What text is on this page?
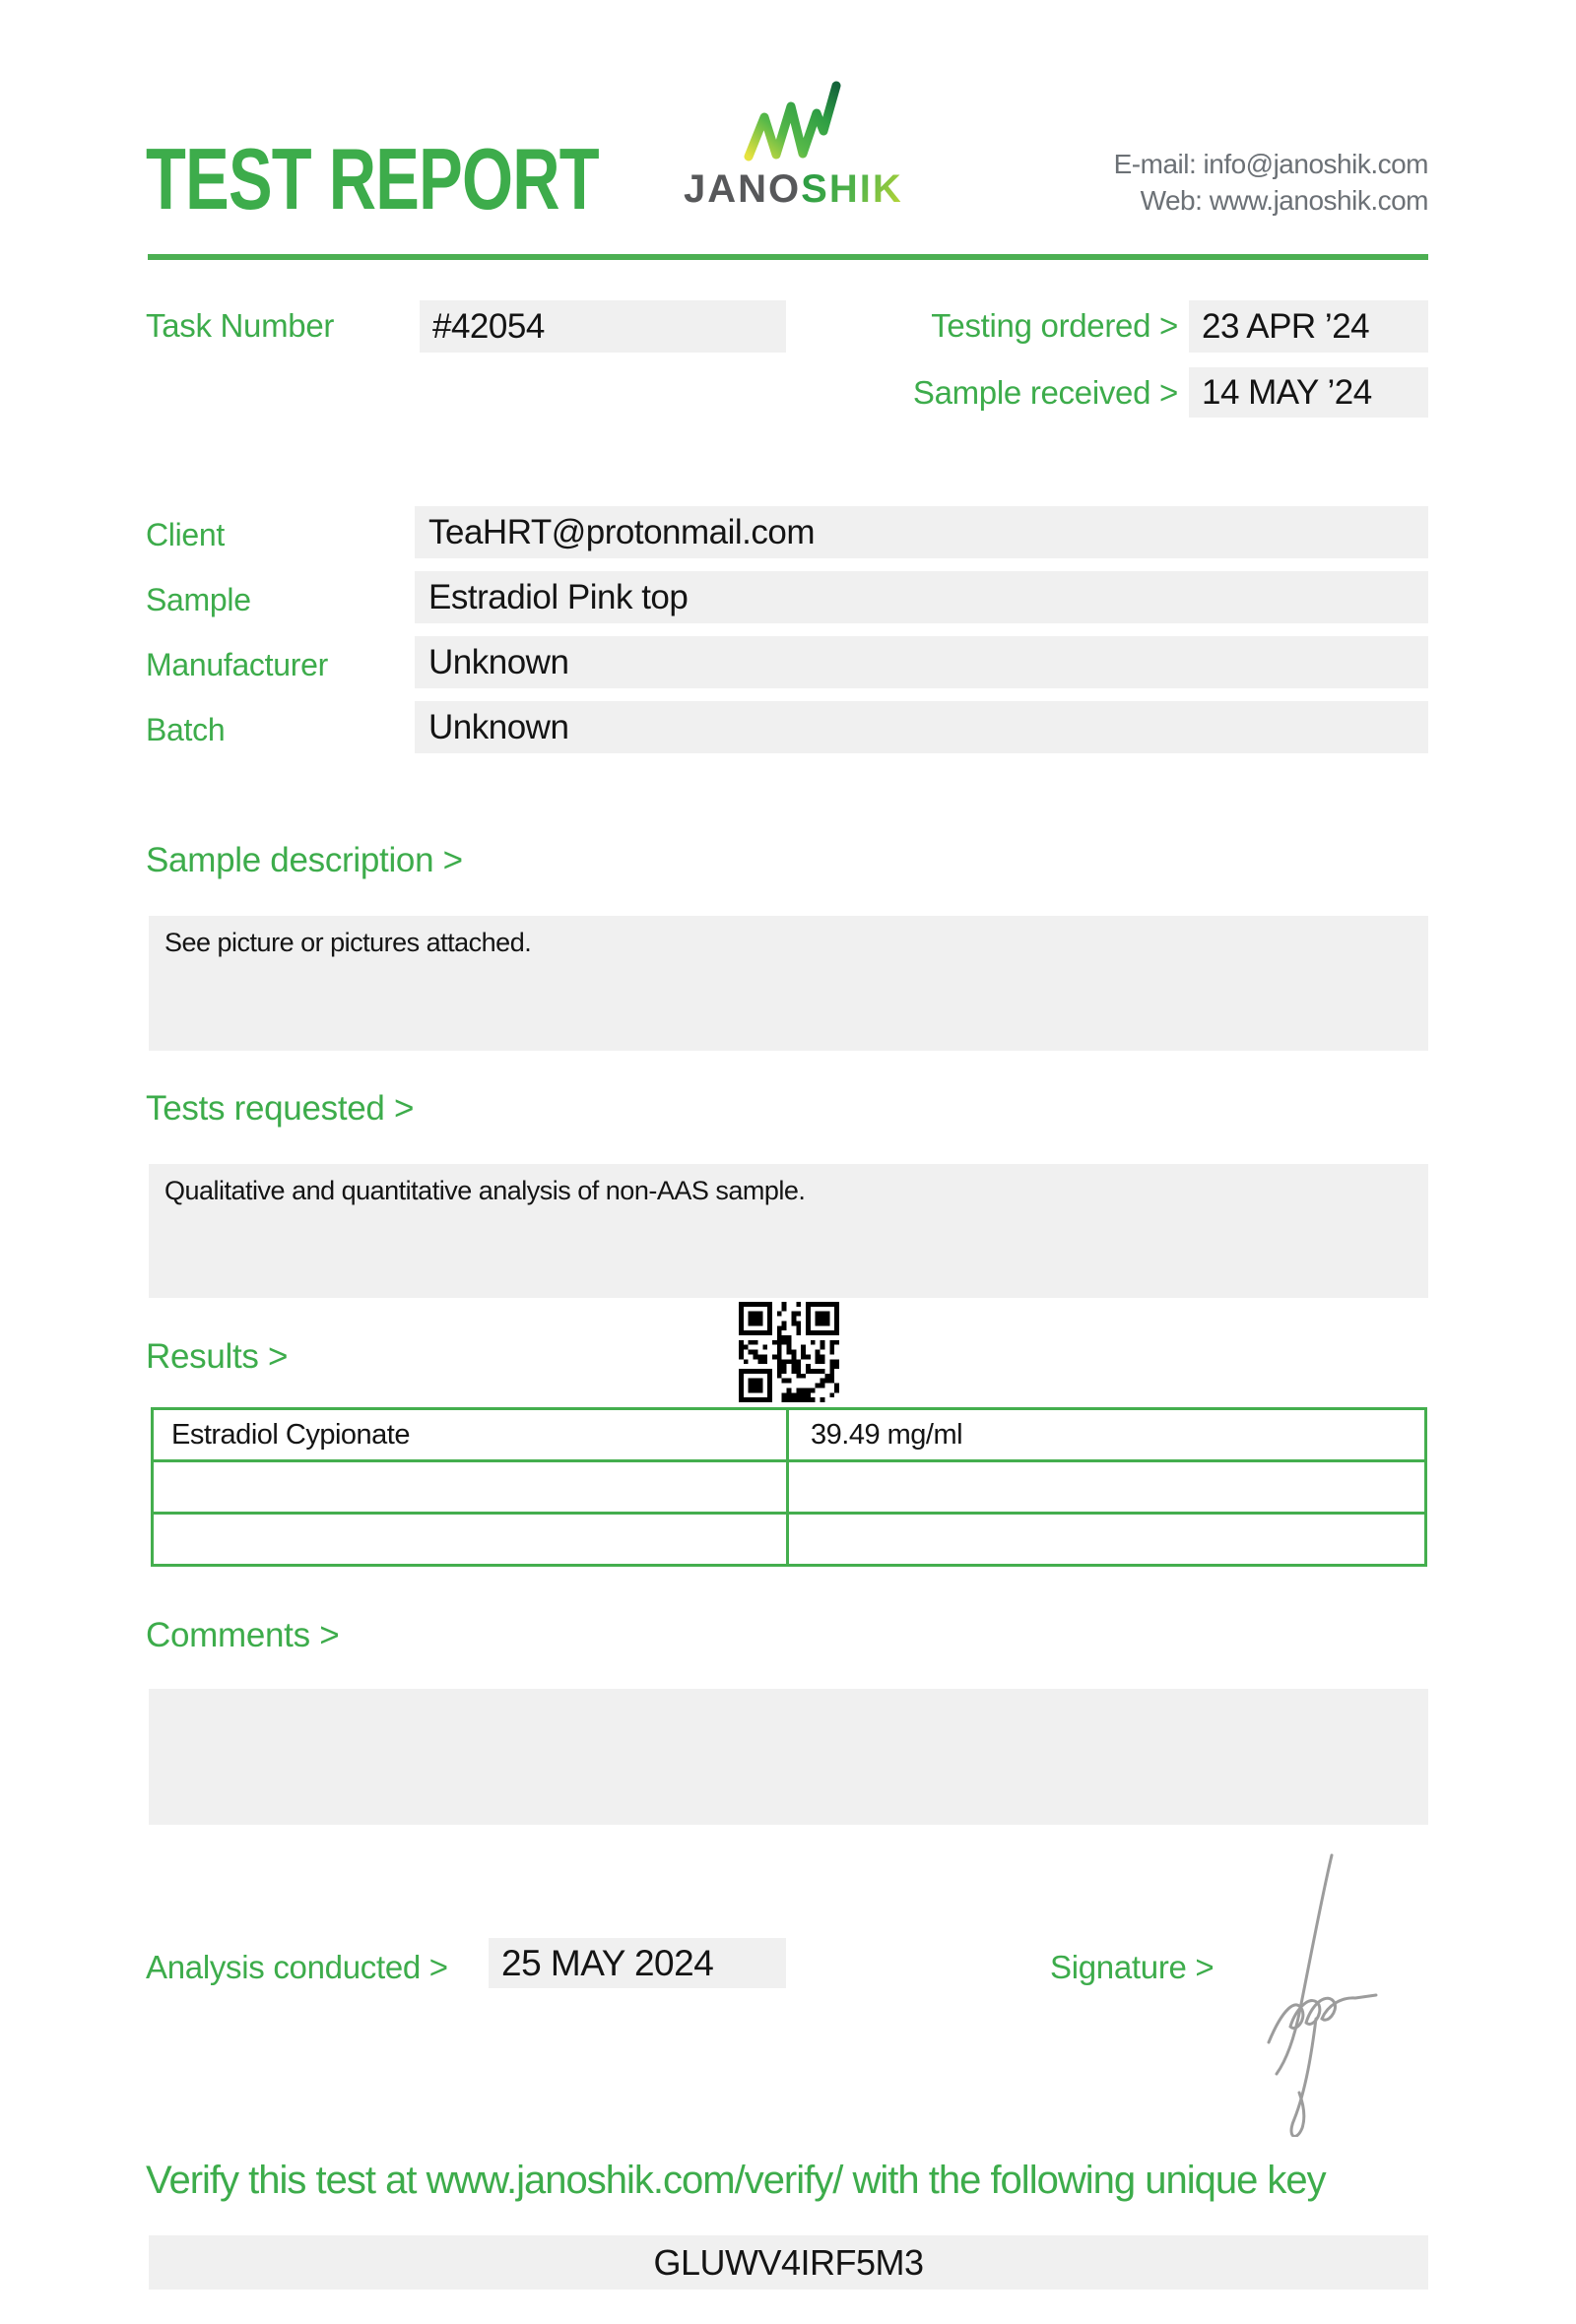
TEST REPORT JANOSHIK
E-mail: info@janoshik.com
Web: www.janoshik.com
Task Number	#42054	Testing ordered > 23 APR ’24
Sample received > 14 MAY ’24
Client	TeaHRT@protonmail.com
Sample	Estradiol Pink top
Manufacturer	Unknown
Batch	Unknown
Sample description >

See picture or pictures attached.

Tests requested >

Qualitative and quantitative analysis of non-AAS sample.

Results >
Estradiol Cypionate	39.49 mg/ml

Comments >

Analysis conducted >	25 MAY 2024	Signature >
Verify this test at www.janoshik.com/verify/ with the following unique key
GLUWV4IRF5M3
